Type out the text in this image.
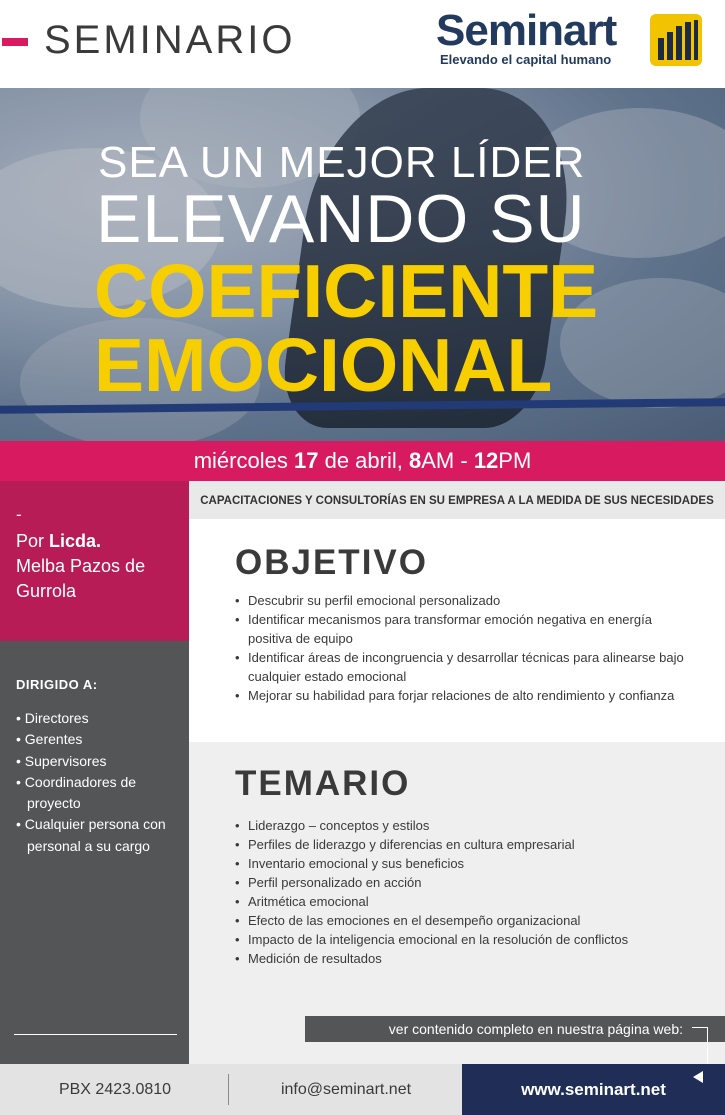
SEMINARIO	Seminart
Elevando el capital humano
SEA UN MEJOR LÍDER
ELEVANDO SU
COEFICIENTE
EMOCIONAL
miércoles 17 de abril, 8AM - 12PM
-
Por Licda.
Melba Pazos de Gurrola
DIRIGIDO A:
• Directores
• Gerentes
• Supervisores
• Coordinadores de proyecto
• Cualquier persona con personal a su cargo
CAPACITACIONES Y CONSULTORÍAS EN SU EMPRESA A LA MEDIDA DE SUS NECESIDADES
OBJETIVO
• Descubrir su perfil emocional personalizado
• Identificar mecanismos para transformar emoción negativa en energía positiva de equipo
• Identificar áreas de incongruencia y desarrollar técnicas para alinearse bajo cualquier estado emocional
• Mejorar su habilidad para forjar relaciones de alto rendimiento y confianza
TEMARIO
• Liderazgo – conceptos y estilos
• Perfiles de liderazgo y diferencias en cultura empresarial
• Inventario emocional y sus beneficios
• Perfil personalizado en acción
• Aritmética emocional
• Efecto de las emociones en el desempeño organizacional
• Impacto de la inteligencia emocional en la resolución de conflictos
• Medición de resultados
ver contenido completo en nuestra página web:
PBX 2423.0810	info@seminart.net	www.seminart.net
